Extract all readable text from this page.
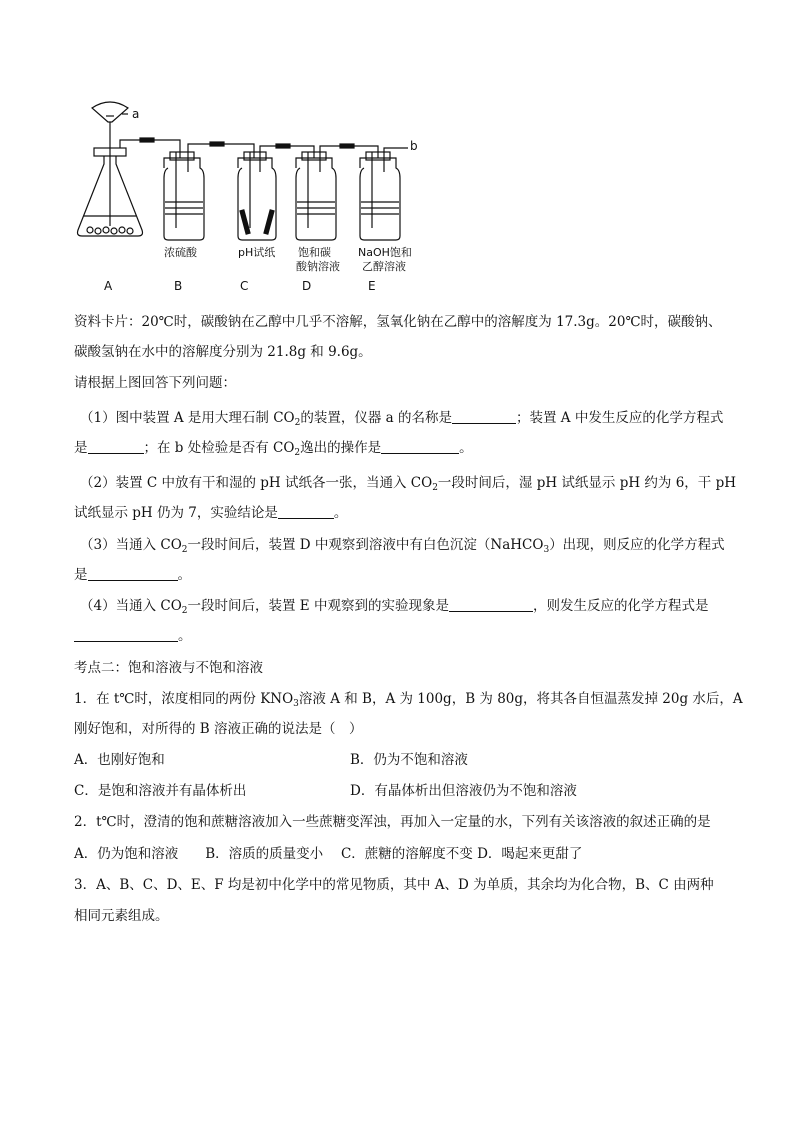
a
b
浓硫酸	pH试纸 饱和碳
酸钠溶液
NaOH饱和
乙醇溶液
A	B	C	D	E
资料卡片：20℃时，碳酸钠在乙醇中几乎不溶解，氢氧化钠在乙醇中的溶解度为 17.3g。20℃时，碳酸钠、
碳酸氢钠在水中的溶解度分别为 21.8g 和 9.6g。
请根据上图回答下列问题：
（1）图中装置 A 是用大理石制 $CO_2$的装置，仪器 a 的名称是	；装置 A 中发生反应的化学方程式
是	；在 b 处检验是否有 $CO_2$逸出的操作是	。
（2）装置 C 中放有干和湿的 pH 试纸各一张，当通入 $CO_2$一段时间后，湿 pH 试纸显示 pH 约为 6，干 pH
试纸显示 pH 仍为 7，实验结论是	。
（3）当通入 $CO_2$一段时间后，装置 D 中观察到溶液中有白色沉淀（NaHCO$_3$）出现，则反应的化学方程式
是	。
（4）当通入 $CO_2$一段时间后，装置 E 中观察到的实验现象是	，则发生反应的化学方程式是
。
考点二：饱和溶液与不饱和溶液
1．在 t℃时，浓度相同的两份 $KNO_3$溶液 A 和 B，A 为 100g，B 为 80g，将其各自恒温蒸发掉 20g 水后，A
刚好饱和，对所得的 B 溶液正确的说法是（　）
A．也刚好饱和	B．仍为不饱和溶液
C．是饱和溶液并有晶体析出	D．有晶体析出但溶液仍为不饱和溶液
2．t℃时，澄清的饱和蔗糖溶液加入一些蔗糖变浑浊，再加入一定量的水，下列有关该溶液的叙述正确的是
A．仍为饱和溶液　　B．溶质的质量变小　 C．蔗糖的溶解度不变 D．喝起来更甜了
3．A、B、C、D、E、F 均是初中化学中的常见物质，其中 A、D 为单质，其余均为化合物，B、C 由两种
相同元素组成。
